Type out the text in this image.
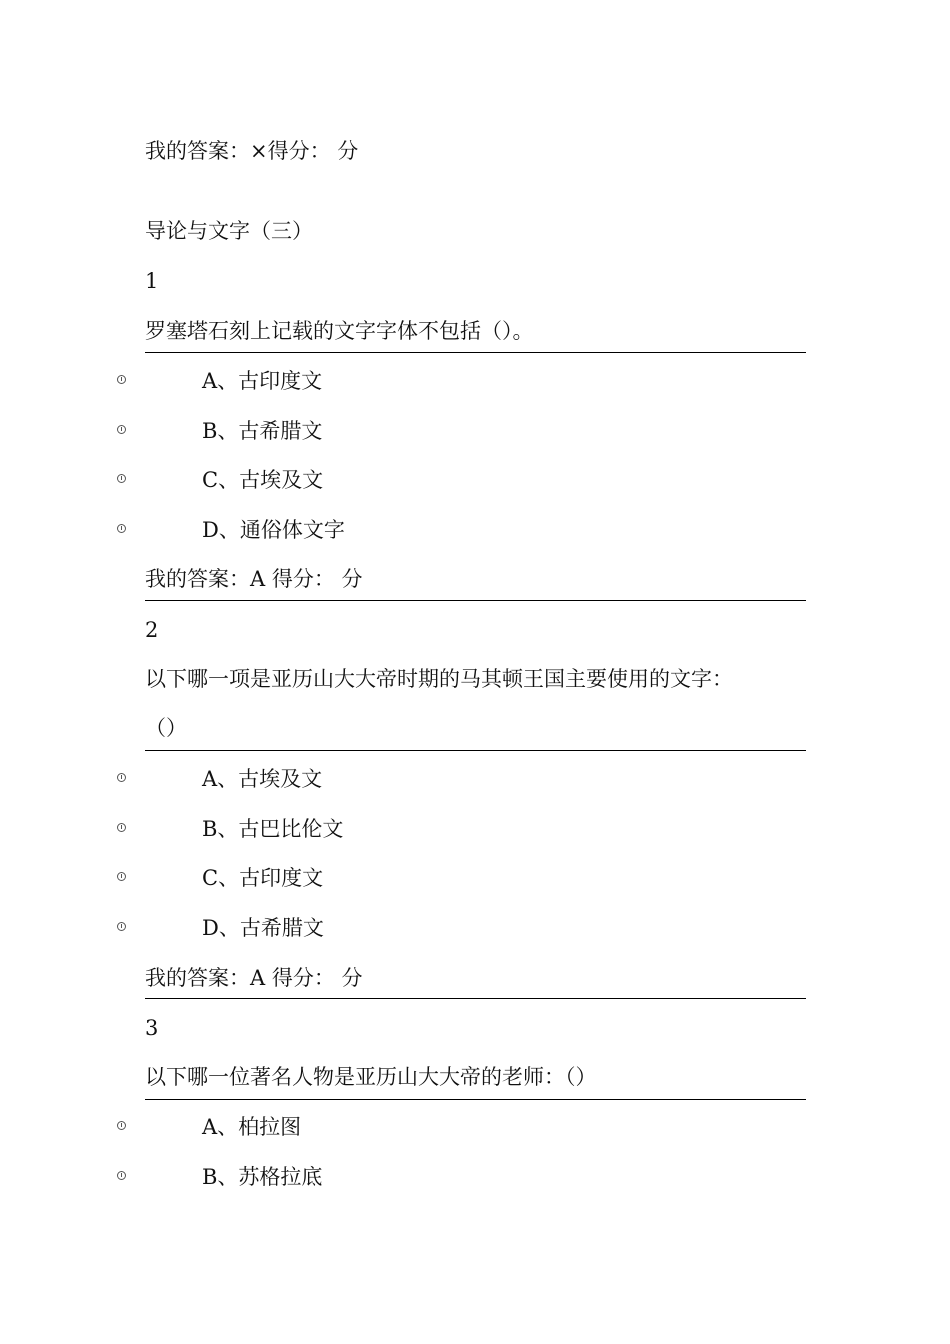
我的答案：×得分： 分
导论与文字（三）
1
罗塞塔石刻上记载的文字字体不包括（）。
A、古印度文
B、古希腊文
C、古埃及文
D、通俗体文字
我的答案：A 得分： 分
2
以下哪一项是亚历山大大帝时期的马其顿王国主要使用的文字：
（）
A、古埃及文
B、古巴比伦文
C、古印度文
D、古希腊文
我的答案：A 得分： 分
3
以下哪一位著名人物是亚历山大大帝的老师：（）
A、柏拉图
B、苏格拉底
